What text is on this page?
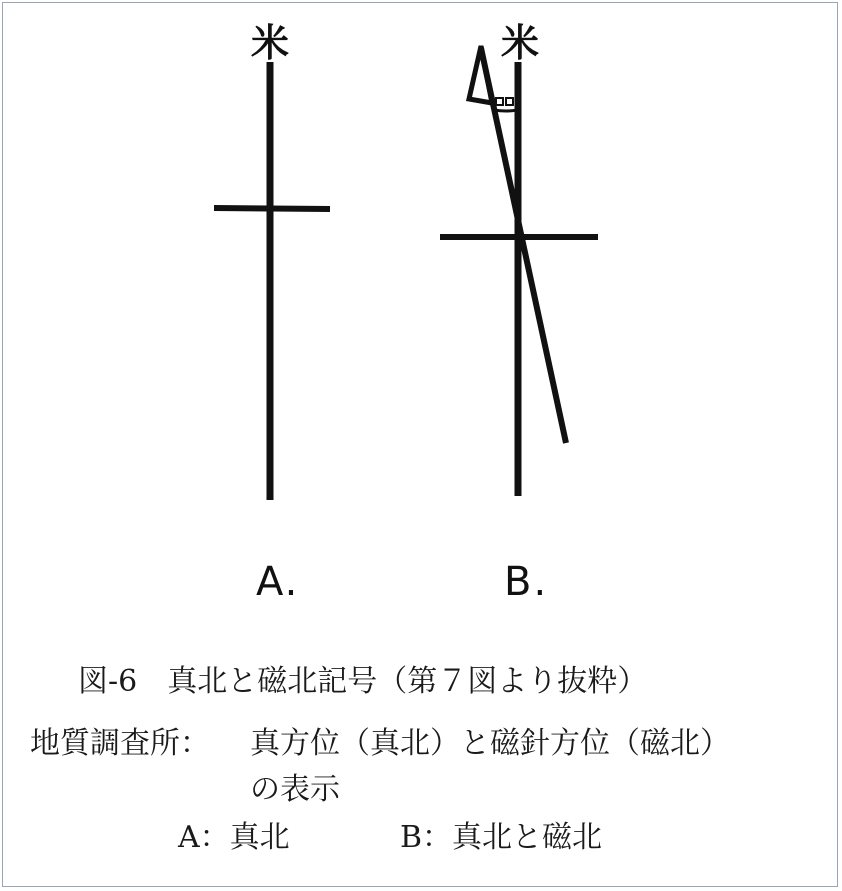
米	米
A.	B.
図-6　真北と磁北記号（第７図より抜粋）
地質調査所： 真方位（真北）と磁針方位（磁北）
の表示
A：真北	B：真北と磁北
